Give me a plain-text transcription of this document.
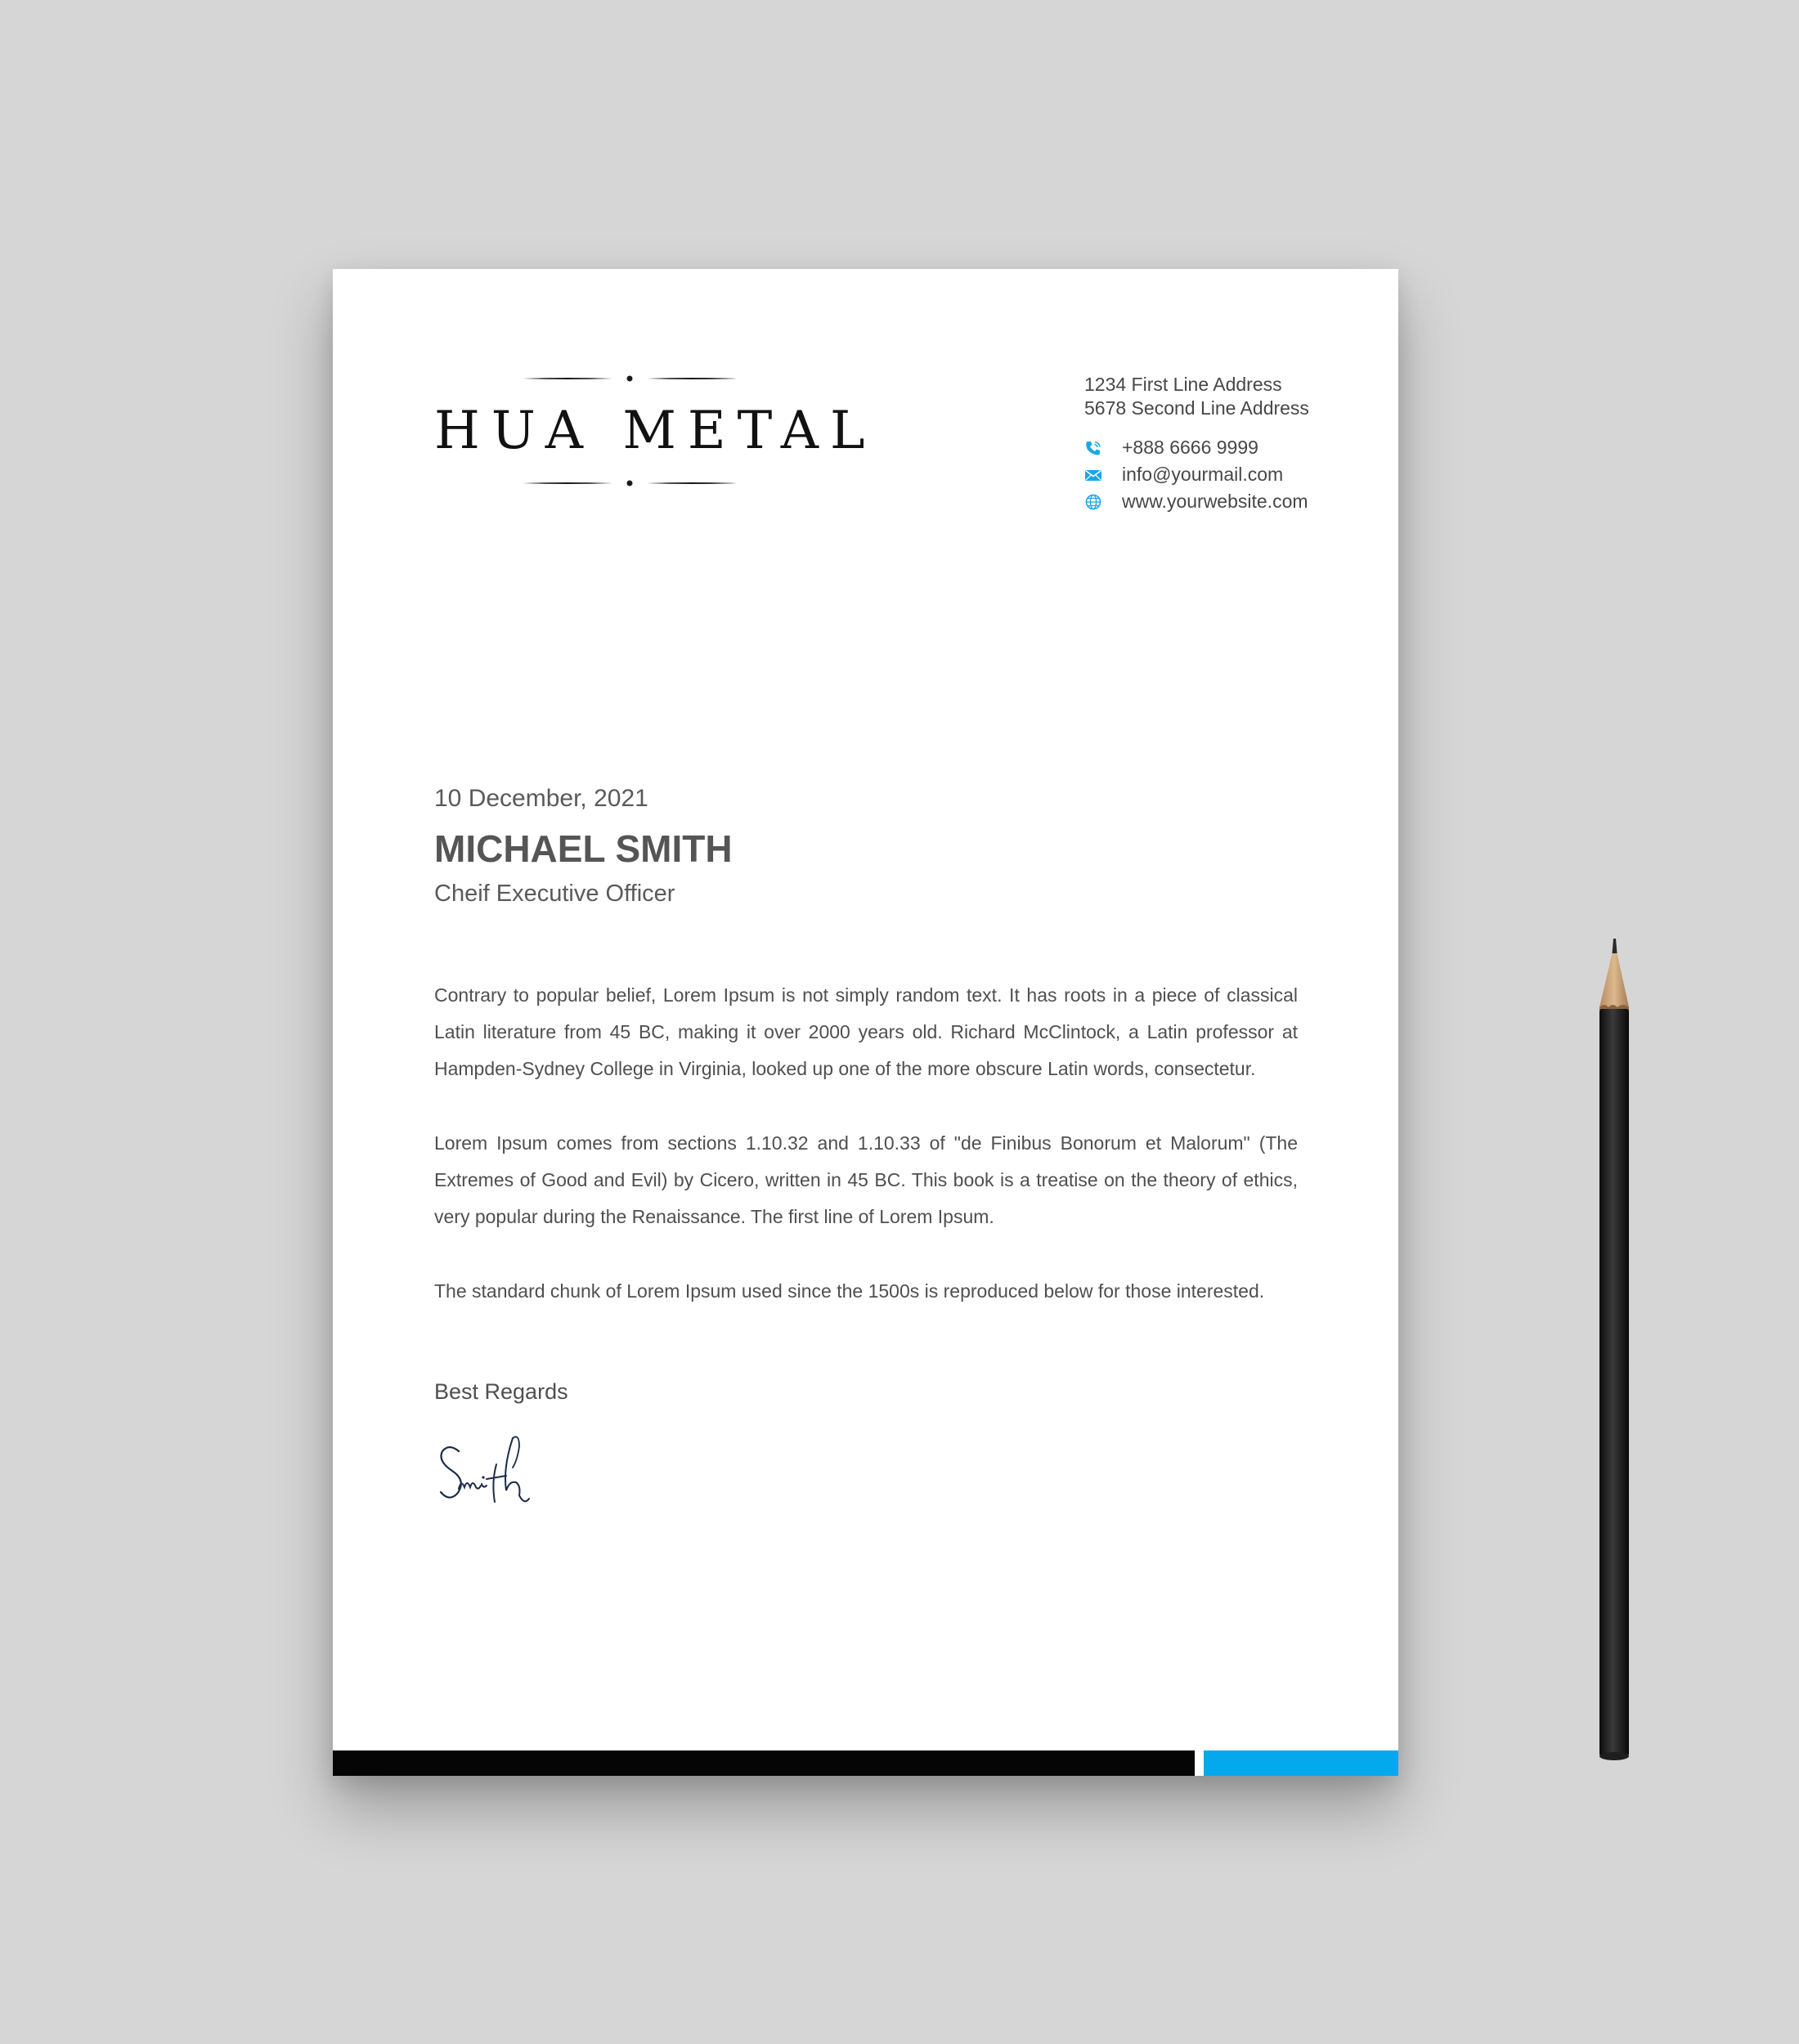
HUA METAL
1234 First Line Address
5678 Second Line Address
+888 6666 9999
info@yourmail.com
www.yourwebsite.com
10 December, 2021
MICHAEL SMITH
Cheif Executive Officer

Contrary to popular belief, Lorem Ipsum is not simply random text. It has roots in a piece of classical Latin literature from 45 BC, making it over 2000 years old. Richard McClintock, a Latin professor at Hampden-Sydney College in Virginia, looked up one of the more obscure Latin words, consectetur.

Lorem Ipsum comes from sections 1.10.32 and 1.10.33 of "de Finibus Bonorum et Malorum" (The Extremes of Good and Evil) by Cicero, written in 45 BC. This book is a treatise on the theory of ethics, very popular during the Renaissance. The first line of Lorem Ipsum.

The standard chunk of Lorem Ipsum used since the 1500s is reproduced below for those interested.

Best Regards
